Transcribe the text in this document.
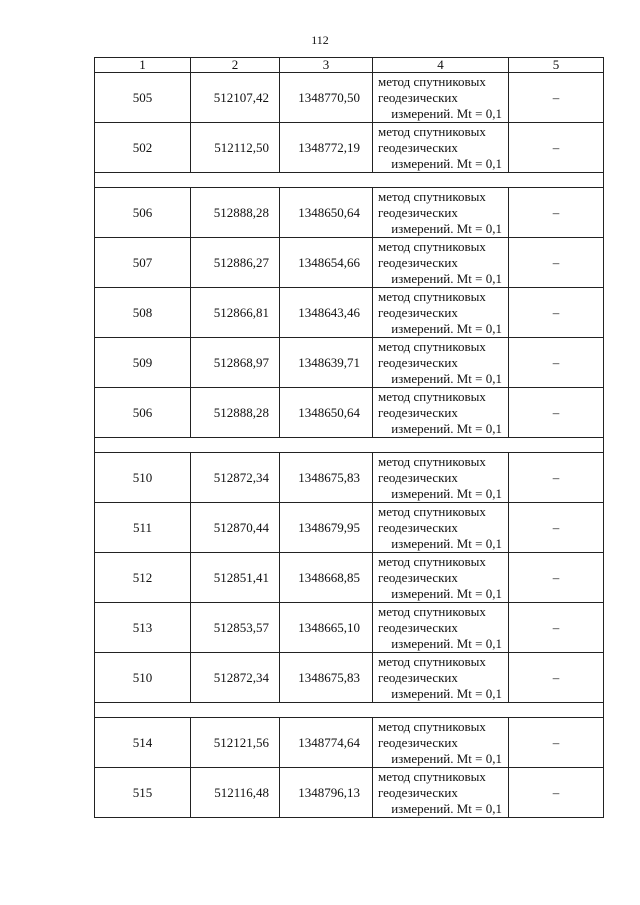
112
1	2	3	4	5
505	512107,42	1348770,50	метод спутниковых
геодезических
измерений. Mt = 0,1	–
502	512112,50	1348772,19	метод спутниковых
геодезических
измерений. Mt = 0,1	–

506	512888,28	1348650,64	метод спутниковых
геодезических
измерений. Mt = 0,1	–
507	512886,27	1348654,66	метод спутниковых
геодезических
измерений. Mt = 0,1	–
508	512866,81	1348643,46	метод спутниковых
геодезических
измерений. Mt = 0,1	–
509	512868,97	1348639,71	метод спутниковых
геодезических
измерений. Mt = 0,1	–
506	512888,28	1348650,64	метод спутниковых
геодезических
измерений. Mt = 0,1	–

510	512872,34	1348675,83	метод спутниковых
геодезических
измерений. Mt = 0,1	–
511	512870,44	1348679,95	метод спутниковых
геодезических
измерений. Mt = 0,1	–
512	512851,41	1348668,85	метод спутниковых
геодезических
измерений. Mt = 0,1	–
513	512853,57	1348665,10	метод спутниковых
геодезических
измерений. Mt = 0,1	–
510	512872,34	1348675,83	метод спутниковых
геодезических
измерений. Mt = 0,1	–

514	512121,56	1348774,64	метод спутниковых
геодезических
измерений. Mt = 0,1	–
515	512116,48	1348796,13	метод спутниковых
геодезических
измерений. Mt = 0,1	–
